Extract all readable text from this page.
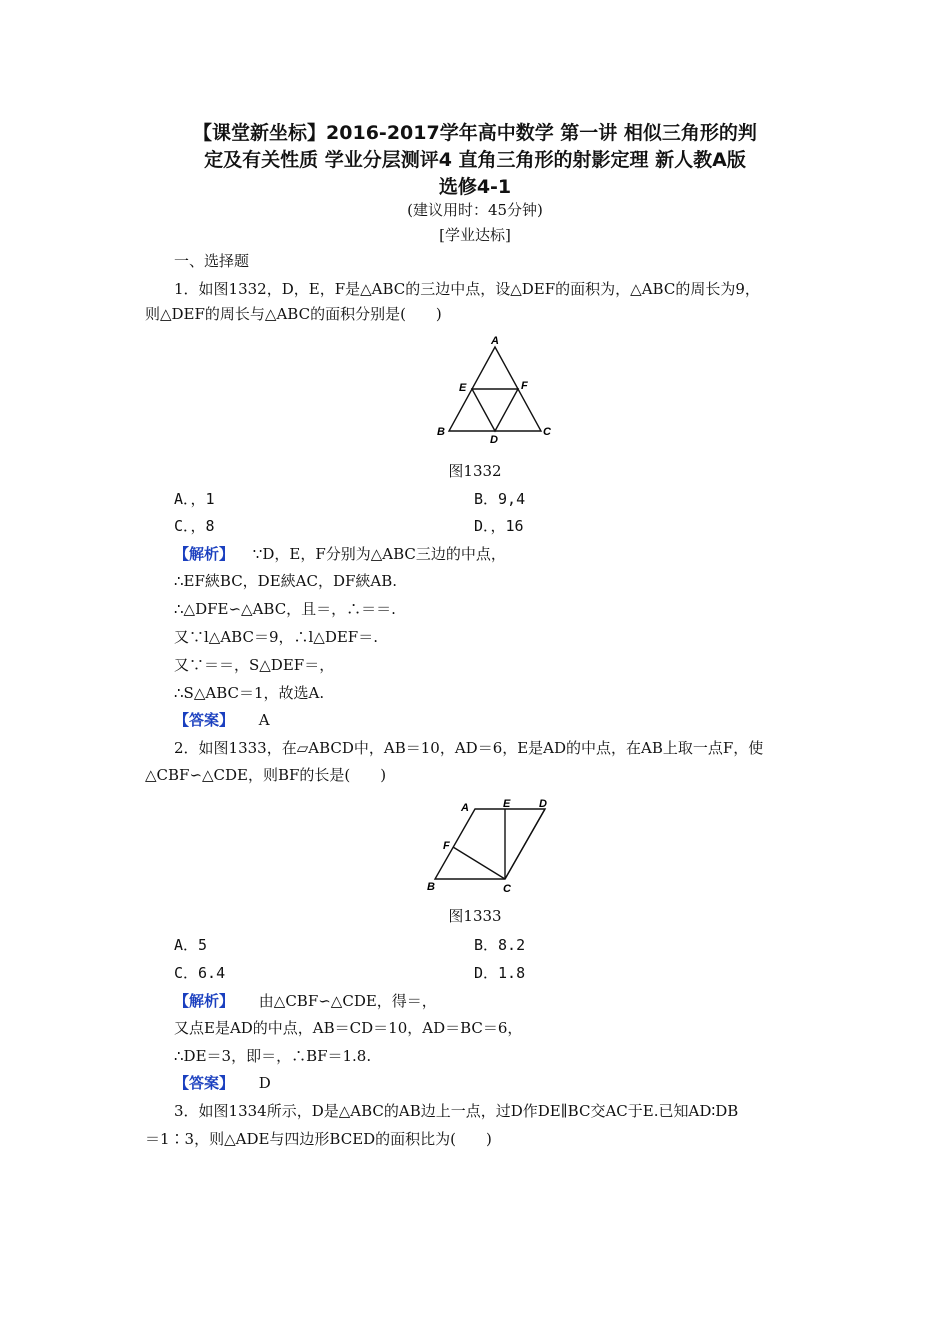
【课堂新坐标】2016-2017学年高中数学 第一讲 相似三角形的判
定及有关性质 学业分层测评4 直角三角形的射影定理 新人教A版
选修4-1
(建议用时：45分钟)
[学业达标]
一、选择题
1．如图1332，D，E，F是△ABC的三边中点，设△DEF的面积为，△ABC的周长为9，
则△DEF的周长与△ABC的面积分别是(　　)
A
B	C
D
E	F
图1332
A．，1	B．9,4
C．，8	D．，16
【解析】 ∵D，E，F分别为△ABC三边的中点，
∴EF綊BC，DE綊AC，DF綊AB.
∴△DFE∽△ABC，且＝，∴＝＝.
又∵l△ABC＝9，∴l△DEF＝.
又∵＝＝，S△DEF＝，
∴S△ABC＝1，故选A.
【答案】 A
2．如图1333，在▱ABCD中，AB＝10，AD＝6，E是AD的中点，在AB上取一点F，使
△CBF∽△CDE，则BF的长是(　　)
A
B	C
D
E
F
图1333
A．5	B．8.2
C．6.4	D．1.8
【解析】 由△CBF∽△CDE，得＝，
又点E是AD的中点，AB＝CD＝10，AD＝BC＝6，
∴DE＝3，即＝，∴BF＝1.8.
【答案】 D
3．如图1334所示，D是△ABC的AB边上一点，过D作DE∥BC交AC于E.已知AD∶DB
＝1∶3，则△ADE与四边形BCED的面积比为(　　)
